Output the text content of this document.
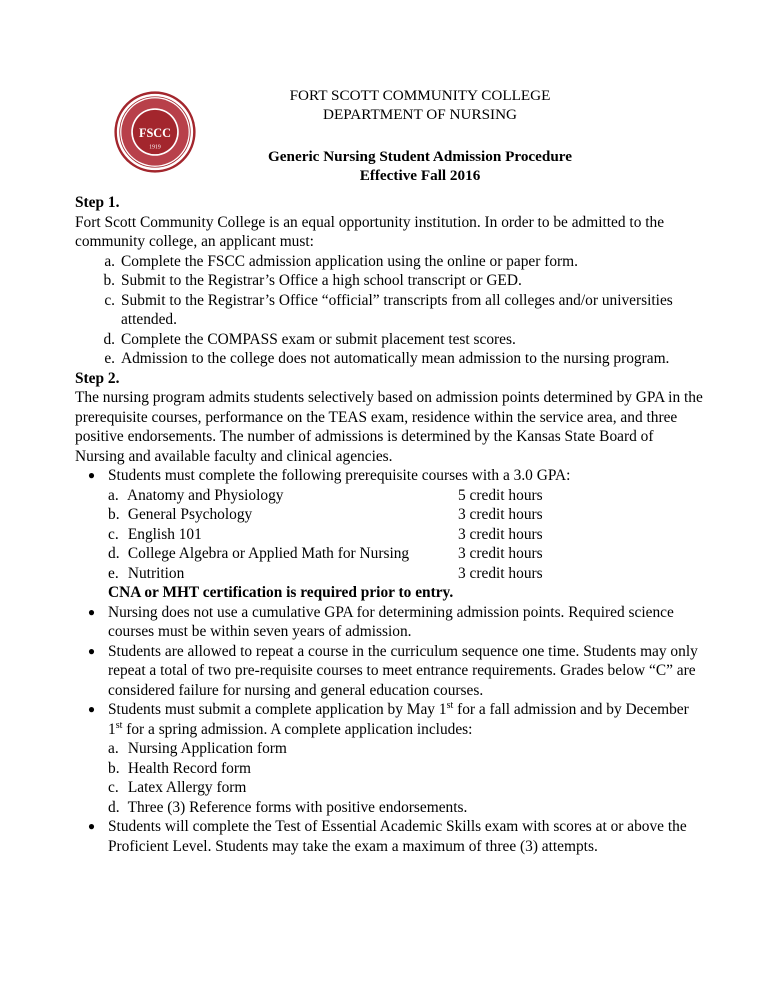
FSCC
1919
FORT SCOTT COMMUNITY COLLEGE
DEPARTMENT OF NURSING
Generic Nursing Student Admission Procedure
Effective Fall 2016

Step 1.

Fort Scott Community College is an equal opportunity institution. In order to be admitted to the community college, an applicant must:

a. Complete the FSCC admission application using the online or paper form.
b. Submit to the Registrar’s Office a high school transcript or GED.
c. Submit to the Registrar’s Office “official” transcripts from all colleges and/or universities attended.
d. Complete the COMPASS exam or submit placement test scores.
e. Admission to the college does not automatically mean admission to the nursing program.

Step 2.

The nursing program admits students selectively based on admission points determined by GPA in the prerequisite courses, performance on the TEAS exam, residence within the service area, and three positive endorsements. The number of admissions is determined by the Kansas State Board of Nursing and available faculty and clinical agencies.

● Students must complete the following prerequisite courses with a 3.0 GPA:
a. Anatomy and Physiology	5 credit hours
b. General Psychology	3 credit hours
c. English 101	3 credit hours
d. College Algebra or Applied Math for Nursing	3 credit hours
e. Nutrition	3 credit hours
CNA or MHT certification is required prior to entry.
● Nursing does not use a cumulative GPA for determining admission points. Required science courses must be within seven years of admission.
● Students are allowed to repeat a course in the curriculum sequence one time. Students may only repeat a total of two pre-requisite courses to meet entrance requirements. Grades below “C” are considered failure for nursing and general education courses.
● Students must submit a complete application by May 1st for a fall admission and by December 1st for a spring admission. A complete application includes:
a. Nursing Application form
b. Health Record form
c. Latex Allergy form
d. Three (3) Reference forms with positive endorsements.
● Students will complete the Test of Essential Academic Skills exam with scores at or above the Proficient Level. Students may take the exam a maximum of three (3) attempts.
